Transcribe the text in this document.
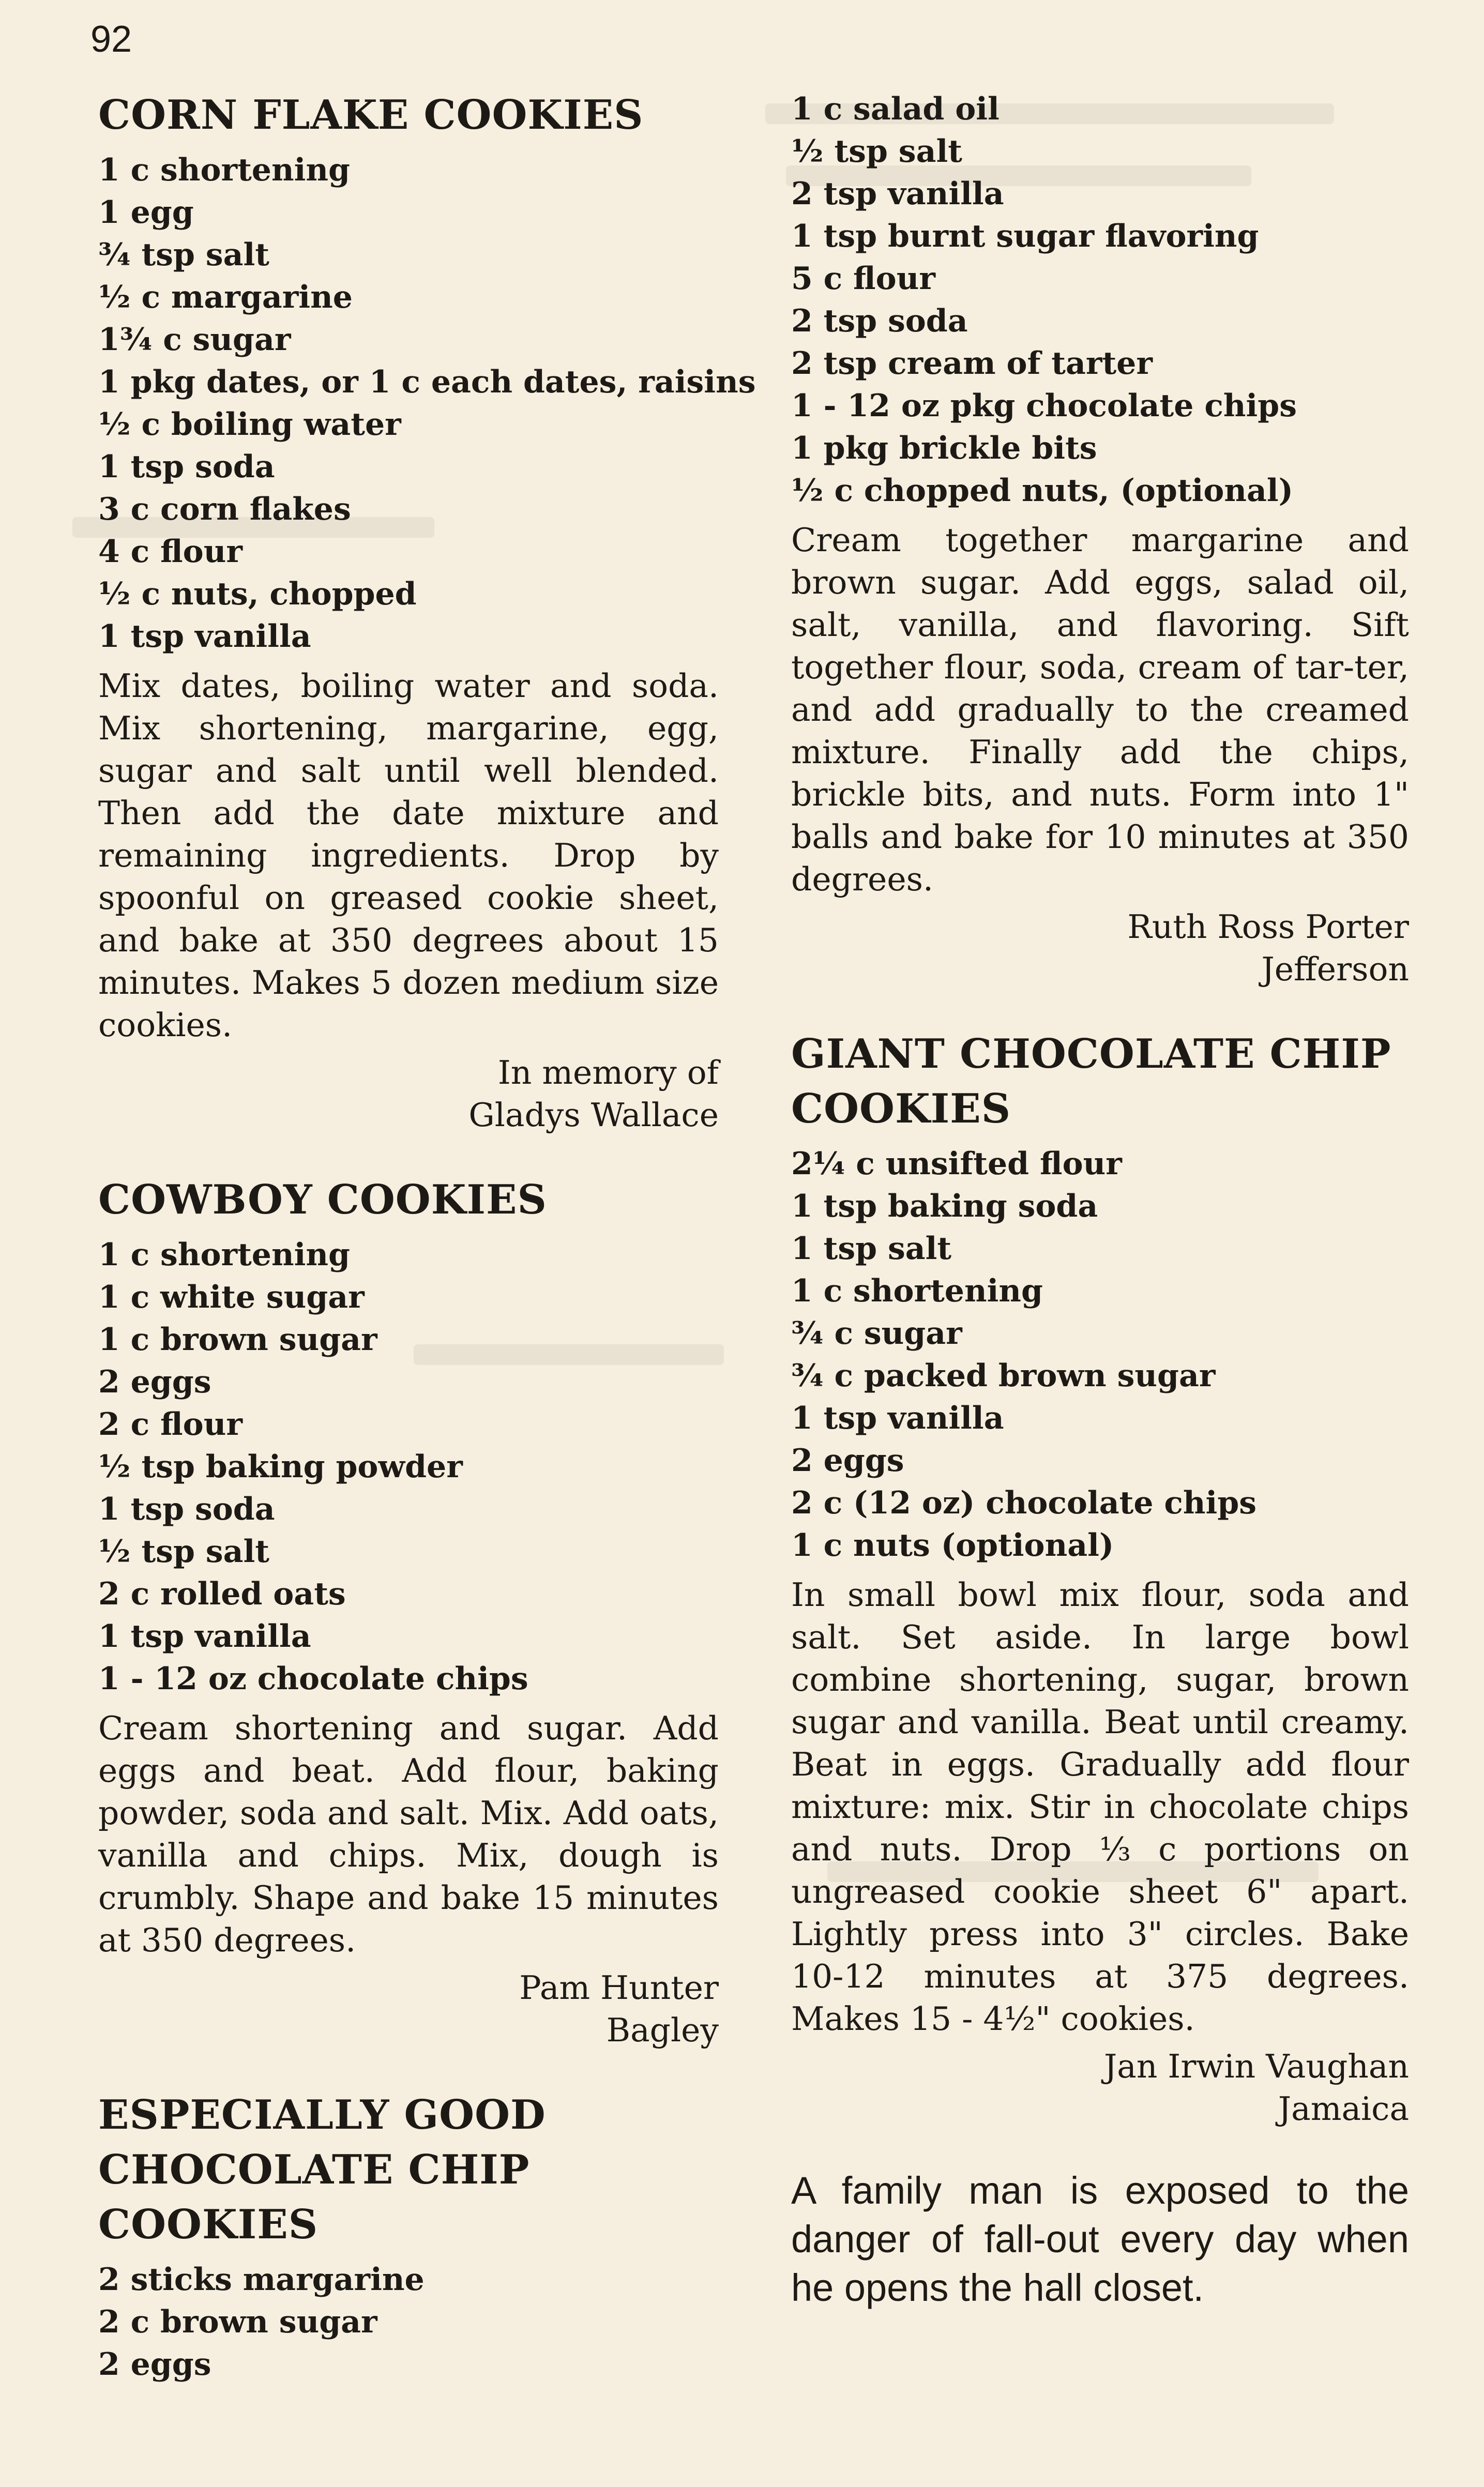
92
CORN FLAKE COOKIES
1 c shortening
1 egg
¾ tsp salt
½ c margarine
1¾ c sugar
1 pkg dates, or 1 c each dates, raisins
½ c boiling water
1 tsp soda
3 c corn flakes
4 c flour
½ c nuts, chopped
1 tsp vanilla

Mix dates, boiling water and soda. Mix shortening, margarine, egg, sugar and salt until well blended. Then add the date mixture and remaining ingredients. Drop by spoonful on greased cookie sheet, and bake at 350 degrees about 15 minutes. Makes 5 dozen medium size cookies.

In memory of
Gladys Wallace
COWBOY COOKIES
1 c shortening
1 c white sugar
1 c brown sugar
2 eggs
2 c flour
½ tsp baking powder
1 tsp soda
½ tsp salt
2 c rolled oats
1 tsp vanilla
1 - 12 oz chocolate chips

Cream shortening and sugar. Add eggs and beat. Add flour, baking powder, soda and salt. Mix. Add oats, vanilla and chips. Mix, dough is crumbly. Shape and bake 15 minutes at 350 degrees.

Pam Hunter
Bagley
ESPECIALLY GOOD CHOCOLATE CHIP COOKIES
2 sticks margarine
2 c brown sugar
2 eggs
1 c salad oil
½ tsp salt
2 tsp vanilla
1 tsp burnt sugar flavoring
5 c flour
2 tsp soda
2 tsp cream of tarter
1 - 12 oz pkg chocolate chips
1 pkg brickle bits
½ c chopped nuts, (optional)

Cream together margarine and brown sugar. Add eggs, salad oil, salt, vanilla, and flavoring. Sift together flour, soda, cream of tar-ter, and add gradually to the creamed mixture. Finally add the chips, brickle bits, and nuts. Form into 1" balls and bake for 10 minutes at 350 degrees.

Ruth Ross Porter
Jefferson
GIANT CHOCOLATE CHIP COOKIES
2¼ c unsifted flour
1 tsp baking soda
1 tsp salt
1 c shortening
¾ c sugar
¾ c packed brown sugar
1 tsp vanilla
2 eggs
2 c (12 oz) chocolate chips
1 c nuts (optional)

In small bowl mix flour, soda and salt. Set aside. In large bowl combine shortening, sugar, brown sugar and vanilla. Beat until creamy. Beat in eggs. Gradually add flour mixture: mix. Stir in chocolate chips and nuts. Drop ⅓ c portions on ungreased cookie sheet 6" apart. Lightly press into 3" circles. Bake 10-12 minutes at 375 degrees. Makes 15 - 4½" cookies.

Jan Irwin Vaughan
Jamaica

A family man is exposed to the danger of fall-out every day when he opens the hall closet.
